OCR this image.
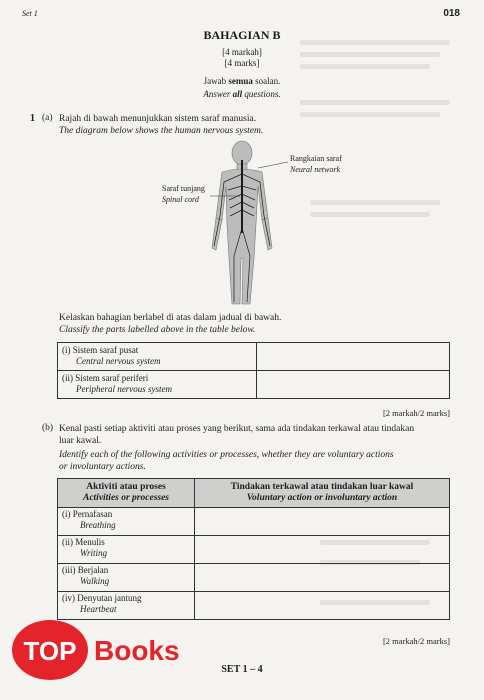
Set 1	018
BAHAGIAN B
[4 markah]
[4 marks]
Jawab semua soalan.
Answer all questions.
1 (a) Rajah di bawah menunjukkan sistem saraf manusia.
The diagram below shows the human nervous system.
Saraf tunjang
Spinal cord
Rangkaian saraf
Neural network
Kelaskan bahagian berlabel di atas dalam jadual di bawah.
Classify the parts labelled above in the table below.
(i) Sistem saraf pusat
Central nervous system	

(ii) Sistem saraf periferi
Peripheral nervous system	

[2 markah/2 marks]
(b) Kenal pasti setiap aktiviti atau proses yang berikut, sama ada tindakan terkawal atau tindakan
luar kawal.
Identify each of the following activities or processes, whether they are voluntary actions
or involuntary actions.
Aktiviti atau proses
Activities or processes	Tindakan terkawal atau tindakan luar kawal
Voluntary action or involuntary action

(i) Pernafasan
Breathing	

(ii) Menulis
Writing	

(iii) Berjalan
Walking	

(iv) Denyutan jantung
Heartbeat	

[2 markah/2 marks]
SET 1 – 4
TOP Books
